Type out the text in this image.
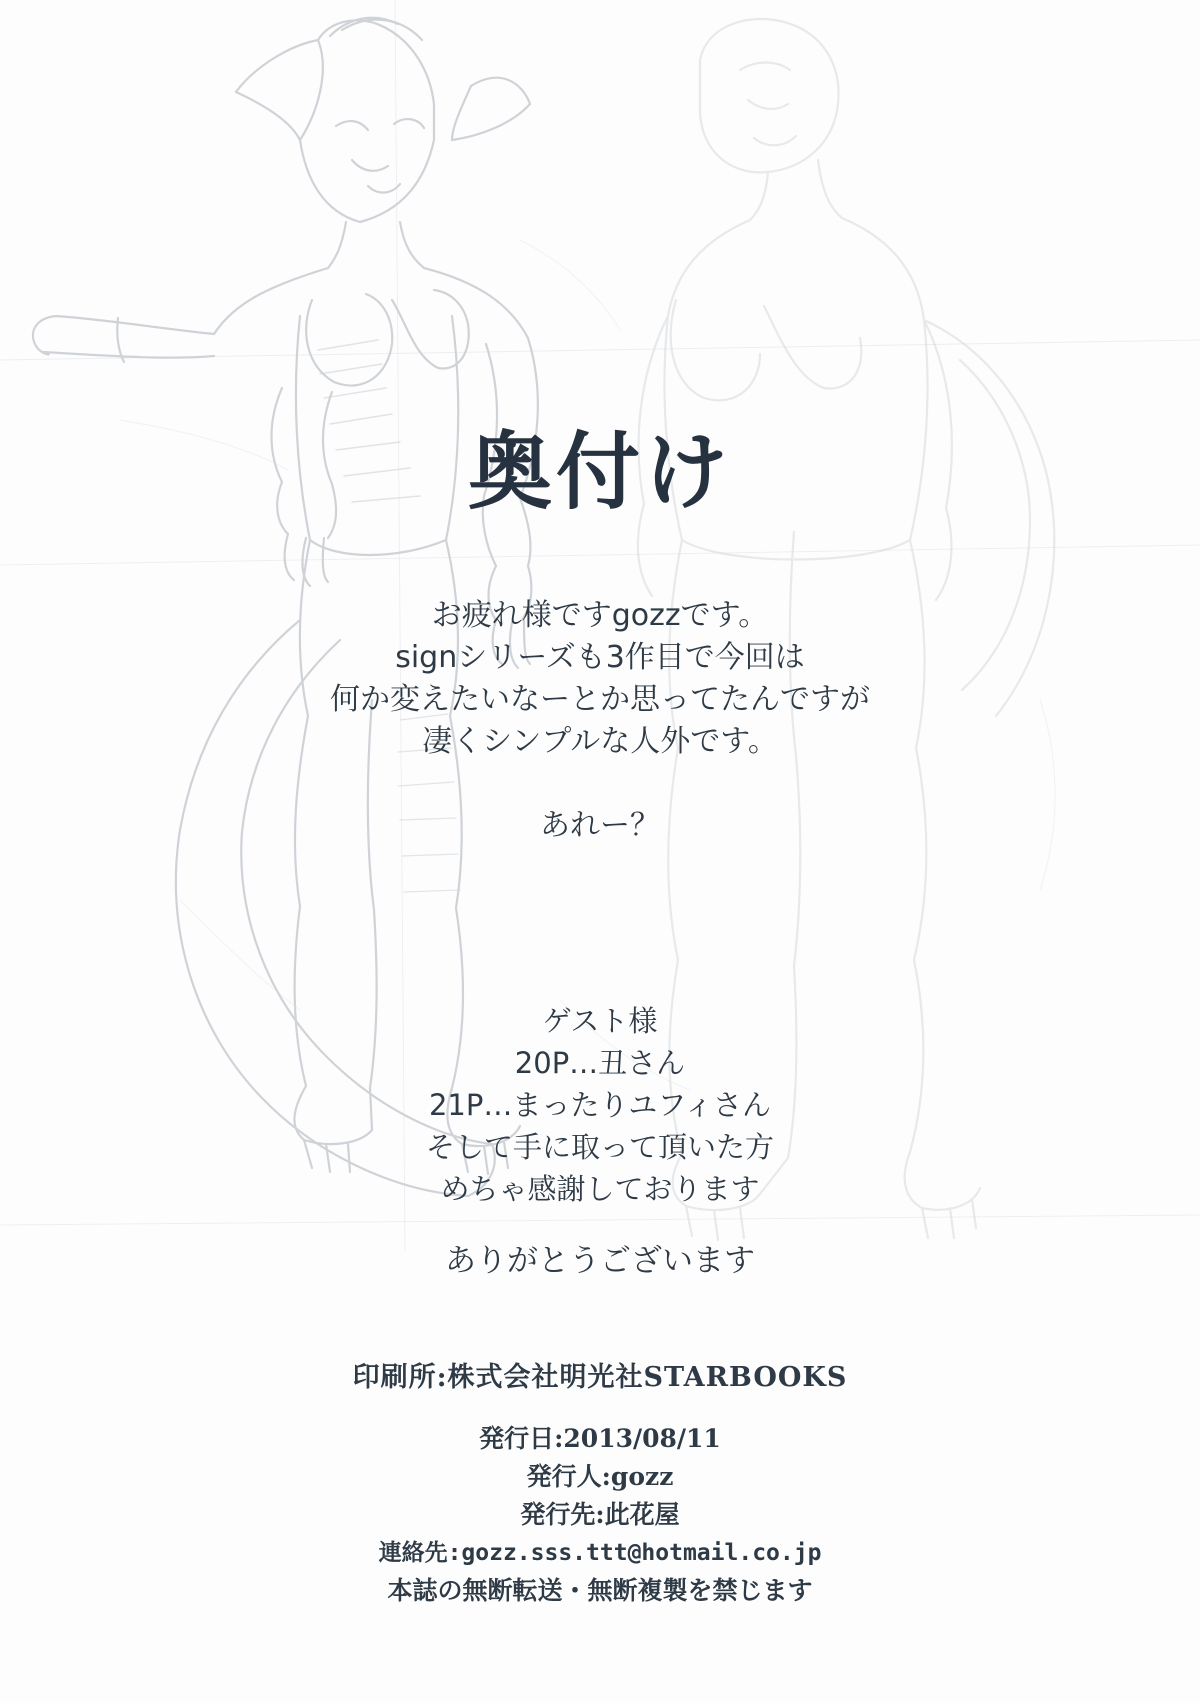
奥付け
お疲れ様ですgozzです。
signシリーズも3作目で今回は
何か変えたいなーとか思ってたんですが
凄くシンプルな人外です。
あれー？
ゲスト様
20P…丑さん
21P…まったりユフィさん
そして手に取って頂いた方
めちゃ感謝しております
ありがとうございます
印刷所:株式会社明光社STARBOOKS
発行日:2013/08/11
発行人:gozz
発行先:此花屋
連絡先:gozz.sss.ttt@hotmail.co.jp
本誌の無断転送・無断複製を禁じます
